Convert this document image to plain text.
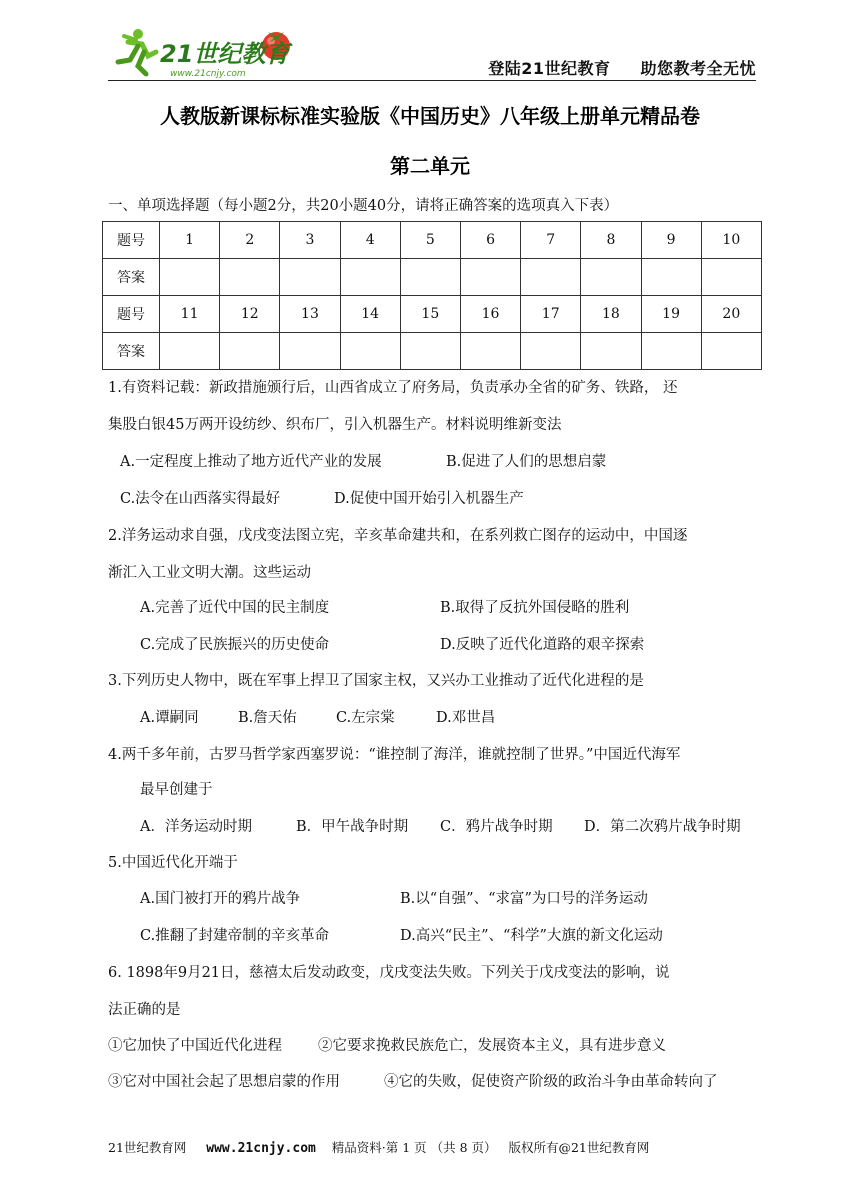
21世纪教育
www.21cnjy.com	登陆21世纪教育 助您教考全无忧
人教版新课标标准实验版《中国历史》八年级上册单元精品卷
第二单元
一、单项选择题（每小题2分，共20小题40分，请将正确答案的选项真入下表）
题号	1	2	3	4	5	6	7	8	9	10
答案										
题号	11	12	13	14	15	16	17	18	19	20
答案										
1.有资料记载：新政措施颁行后，山西省成立了府务局，负责承办全省的矿务、铁路， 还
集股白银45万两开设纺纱、织布厂，引入机器生产。材料说明维新变法
A.一定程度上推动了地方近代产业的发展	B.促进了人们的思想启蒙
C.法令在山西落实得最好	D.促使中国开始引入机器生产
2.洋务运动求自强，戊戌变法图立宪，辛亥革命建共和，在系列救亡图存的运动中，中国逐
渐汇入工业文明大潮。这些运动
A.完善了近代中国的民主制度	B.取得了反抗外国侵略的胜利
C.完成了民族振兴的历史使命	D.反映了近代化道路的艰辛探索
3.下列历史人物中，既在军事上捍卫了国家主权，又兴办工业推动了近代化进程的是
A.谭嗣同	B.詹天佑	C.左宗棠	D.邓世昌
4.两千多年前，古罗马哲学家西塞罗说：“谁控制了海洋，谁就控制了世界。”中国近代海军
最早创建于
A．洋务运动时期	B．甲午战争时期 C．鸦片战争时期 D．第二次鸦片战争时期
5.中国近代化开端于
A.国门被打开的鸦片战争	B.以“自强”、“求富”为口号的洋务运动
C.推翻了封建帝制的辛亥革命	D.高兴“民主”、“科学”大旗的新文化运动
6. 1898年9月21日，慈禧太后发动政变，戊戌变法失败。下列关于戊戌变法的影响，说
法正确的是
①它加快了中国近代化进程 ②它要求挽救民族危亡，发展资本主义，具有进步意义
③它对中国社会起了思想启蒙的作用	④它的失败，促使资产阶级的政治斗争由革命转向了
21世纪教育网 www.21cnjy.com 精品资料·第 1 页 （共 8 页） 版权所有@21世纪教育网
